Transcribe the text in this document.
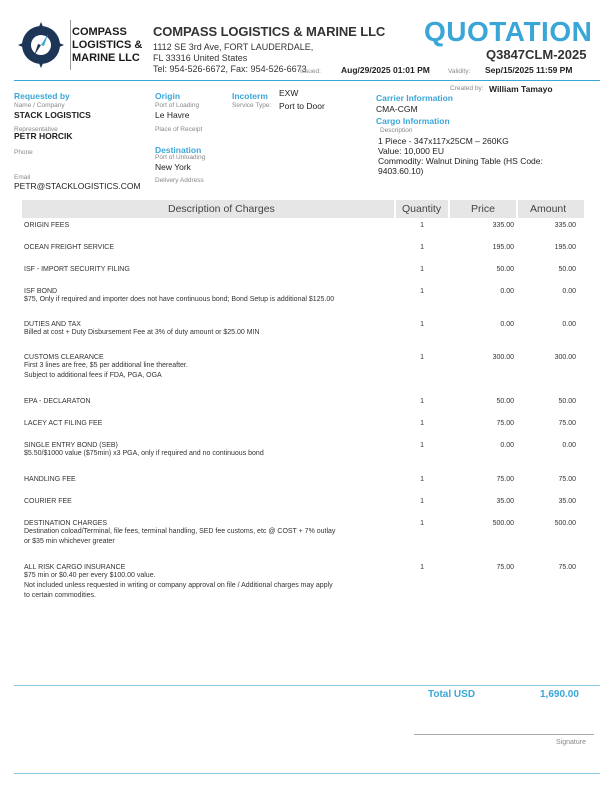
COMPASS
LOGISTICS &
MARINE LLC
COMPASS LOGISTICS & MARINE LLC
1112 SE 3rd Ave, FORT LAUDERDALE,
FL 33316 United States
Tel: 954-526-6672, Fax: 954-526-6673
QUOTATION
Q3847CLM-2025
Issued: Aug/29/2025 01:01 PM	Validity: Sep/15/2025 11:59 PM
Created by: William Tamayo
Requested by
Name / Company
STACK LOGISTICS
Representative
PETR HORCIK
Phone
Email
PETR@STACKLOGISTICS.COM
Origin
Port of Loading
Le Havre
Place of Receipt
Destination
Port of Unloading
New York
Delivery Address
Incoterm EXW
Service Type: Port to Door
Carrier Information
CMA-CGM
Cargo Information
Description
1 Piece - 347x117x25CM – 260KG
Value: 10,000 EU
Commodity: Walnut Dining Table (HS Code:
9403.60.10)
Description of Charges	Quantity	Price	Amount
ORIGIN FEES	1	335.00	335.00
OCEAN FREIGHT SERVICE	1	195.00	195.00
ISF - IMPORT SECURITY FILING	1	50.00	50.00
ISF BOND
$75, Only if required and importer does not have continuous bond; Bond Setup is additional $125.00
1	0.00	0.00
DUTIES AND TAX
Billed at cost + Duty Disbursement Fee at 3% of duty amount or $25.00 MIN
1	0.00	0.00
CUSTOMS CLEARANCE
First 3 lines are free, $5 per additional line thereafter.
Subject to additional fees if FDA, PGA, OGA
1	300.00	300.00
EPA - DECLARATON	1	50.00	50.00
LACEY ACT FILING FEE	1	75.00	75.00
SINGLE ENTRY BOND (SEB)
$5.50/$1000 value ($75min) x3 PGA, only if required and no continuous bond
1	0.00	0.00
HANDLING FEE	1	75.00	75.00
COURIER FEE	1	35.00	35.00
DESTINATION CHARGES
Destination coload/Terminal, file fees, terminal handling, SED fee customs, etc @ COST + 7% outlay
or $35 min whichever greater
1	500.00	500.00
ALL RISK CARGO INSURANCE
$75 min or $0.40 per every $100.00 value.
Not included unless requested in writing or company approval on file / Additional charges may apply
to certain commodities.
1	75.00	75.00
Total USD	1,690.00
Signature
